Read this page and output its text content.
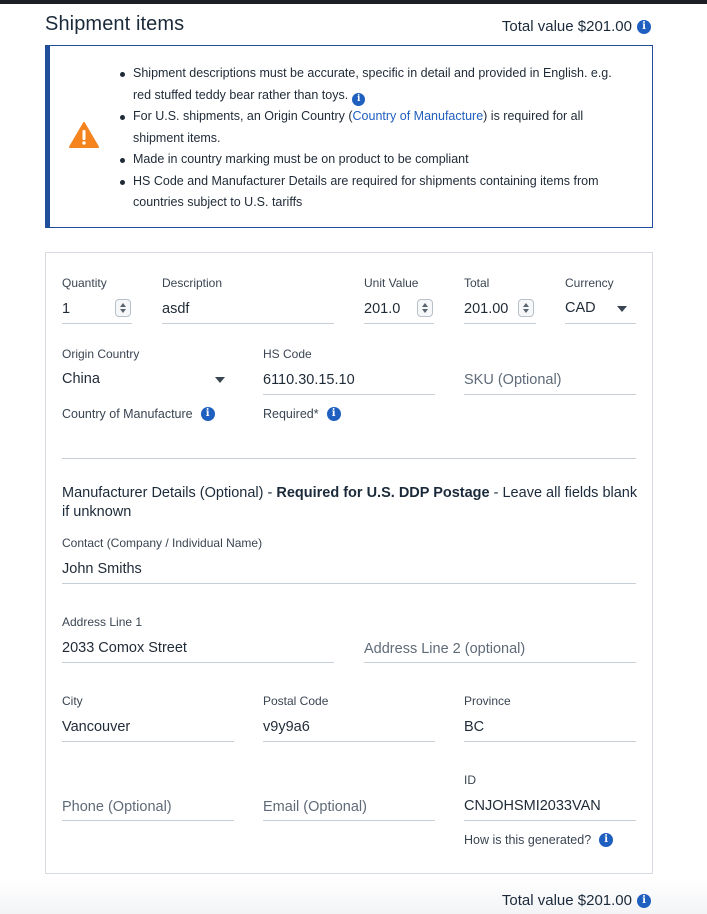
Shipment items	Total value $201.00	i
Shipment descriptions must be accurate, specific in detail and provided in English. e.g. red stuffed teddy bear rather than toys. i
For U.S. shipments, an Origin Country (Country of Manufacture) is required for all shipment items.
Made in country marking must be on product to be compliant
HS Code and Manufacturer Details are required for shipments containing items from countries subject to U.S. tariffs
Quantity
1
Description
asdf
Unit Value
201.0
Total
201.00
Currency
CAD
Origin Country
China
HS Code
6110.30.15.10	SKU (Optional)
Country of Manufacture	i	Required*	i
Manufacturer Details (Optional) - Required for U.S. DDP Postage - Leave all fields blank if unknown
Contact (Company / Individual Name)
John Smiths
Address Line 1
2033 Comox Street	Address Line 2 (optional)
City
Vancouver
Postal Code
v9y9a6
Province
BC
Phone (Optional)	Email (Optional)
ID
CNJOHSMI2033VAN
How is this generated?	i
Total value $201.00	i
